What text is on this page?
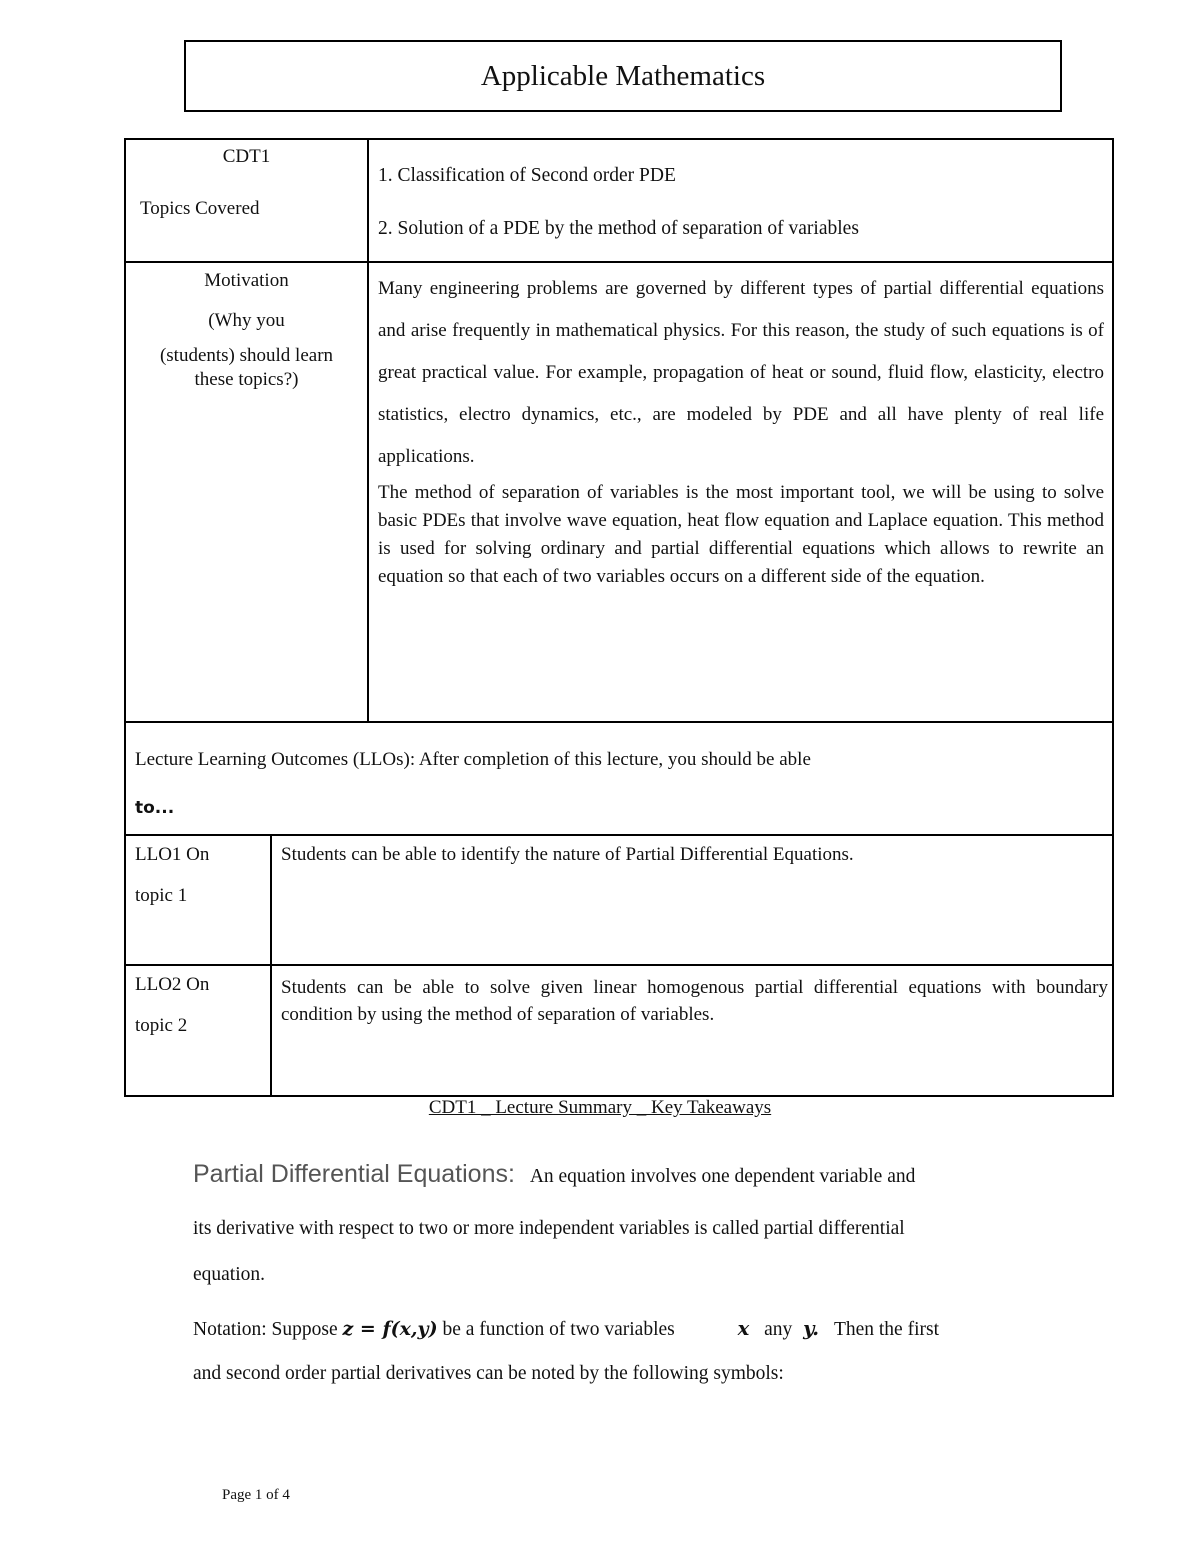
Applicable Mathematics
CDT1
Topics Covered
1. Classification of Second order PDE
2. Solution of a PDE by the method of separation of variables
Motivation
(Why you
(students) should learn
these topics?)
Many engineering problems are governed by different types of partial differential equations and arise frequently in mathematical physics. For this reason, the study of such equations is of great practical value. For example, propagation of heat or sound, fluid flow, elasticity, electro statistics, electro dynamics, etc., are modeled by PDE and all have plenty of real life applications.
The method of separation of variables is the most important tool, we will be using to solve basic PDEs that involve wave equation, heat flow equation and Laplace equation. This method is used for solving ordinary and partial differential equations which allows to rewrite an equation so that each of two variables occurs on a different side of the equation.
Lecture Learning Outcomes (LLOs): After completion of this lecture, you should be able
to...
LLO1 On
topic 1
Students can be able to identify the nature of Partial Differential Equations.
LLO2 On
topic 2
Students can be able to solve given linear homogenous partial differential equations with boundary condition by using the method of separation of variables.
CDT1 _ Lecture Summary _ Key Takeaways
Partial Differential Equations: An equation involves one dependent variable and
its derivative with respect to two or more independent variables is called partial differential
equation.
Notation: Suppose z = f(x,y) be a function of two variables	x any y. Then the first
and second order partial derivatives can be noted by the following symbols:
Page 1 of 4
